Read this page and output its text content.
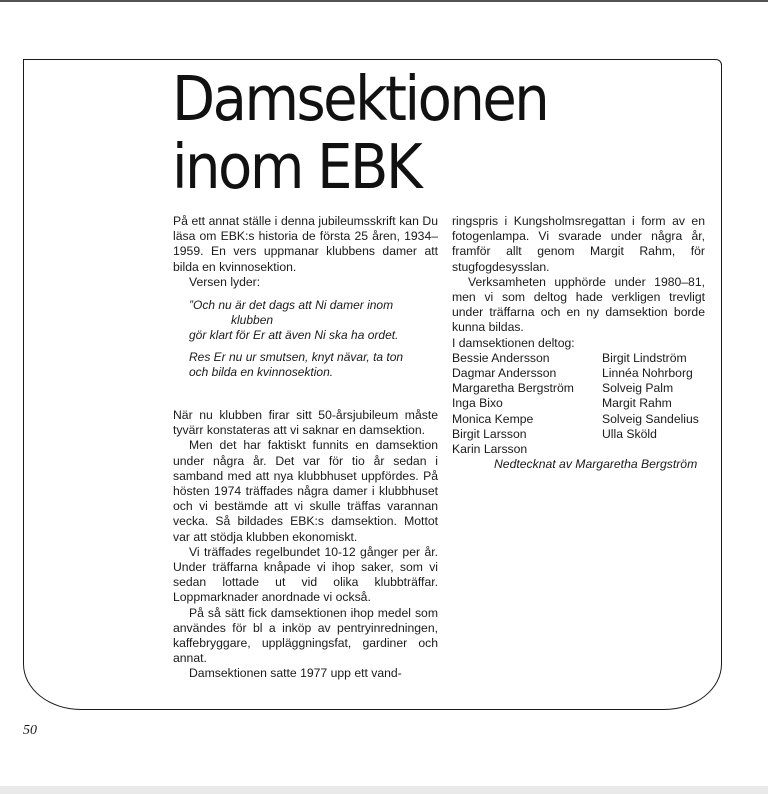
Damsektionen
inom EBK

På ett annat ställe i denna jubileumsskrift kan Du läsa om EBK:s historia de första 25 åren, 1934–1959. En vers uppmanar klubbens damer att bilda en kvinnosektion.

Versen lyder:

”Och nu är det dags att Ni damer inom
klubben
gör klart för Er att även Ni ska ha ordet.
Res Er nu ur smutsen, knyt nävar, ta ton
och bilda en kvinnosektion.

När nu klubben firar sitt 50-årsjubileum måste tyvärr konstateras att vi saknar en damsektion.

Men det har faktiskt funnits en damsektion under några år. Det var för tio år sedan i samband med att nya klubbhuset uppfördes. På hösten 1974 träffades några damer i klubbhuset och vi bestämde att vi skulle träffas varannan vecka. Så bildades EBK:s damsektion. Mottot var att stödja klubben ekonomiskt.

Vi träffades regelbundet 10-12 gånger per år. Under träffarna knåpade vi ihop saker, som vi sedan lottade ut vid olika klubbträffar. Loppmarknader anordnade vi också.

På så sätt fick damsektionen ihop medel som användes för bl a inköp av pentryinredningen, kaffebryggare, uppläggningsfat, gardiner och annat.

Damsektionen satte 1977 upp ett vand-

ringspris i Kungsholmsregattan i form av en fotogenlampa. Vi svarade under några år, framför allt genom Margit Rahm, för stugfogdesysslan.

Verksamheten upphörde under 1980–81, men vi som deltog hade verkligen trevligt under träffarna och en ny damsektion borde kunna bildas.

I damsektionen deltog:

Bessie Andersson
Dagmar Andersson
Margaretha Bergström
Inga Bixo
Monica Kempe
Birgit Larsson
Karin Larsson
Birgit Lindström
Linnéa Nohrborg
Solveig Palm
Margit Rahm
Solveig Sandelius
Ulla Sköld

Nedtecknat av Margaretha Bergström

50
